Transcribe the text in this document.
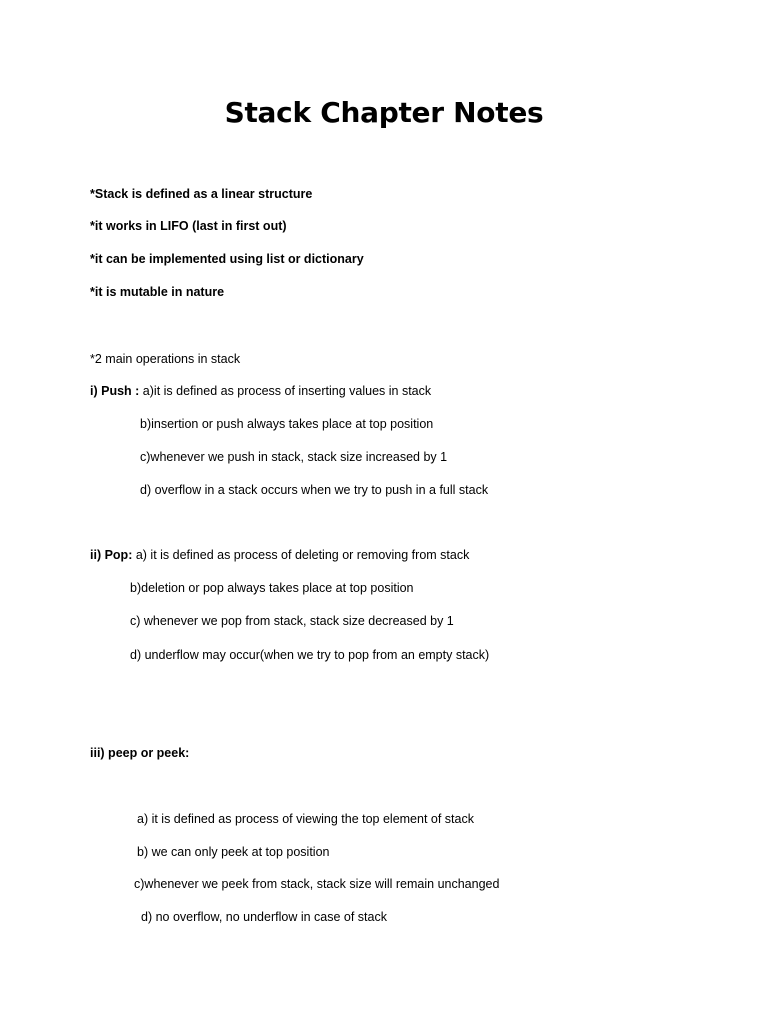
Stack Chapter Notes

*Stack is defined as a linear structure

*it works in LIFO (last in first out)

*it can be implemented using list or dictionary

*it is mutable in nature

*2 main operations in stack

i) Push : a)it is defined as process of inserting values in stack

b)insertion or push always takes place at top position

c)whenever we push in stack, stack size increased by 1

d) overflow in a stack occurs when we try to push in a full stack

ii) Pop: a) it is defined as process of deleting or removing from stack

b)deletion or pop always takes place at top position

c) whenever we pop from stack, stack size decreased by 1

d) underflow may occur(when we try to pop from an empty stack)

iii) peep or peek:

a) it is defined as process of viewing the top element of stack

b) we can only peek at top position

c)whenever we peek from stack, stack size will remain unchanged

d) no overflow, no underflow in case of stack
